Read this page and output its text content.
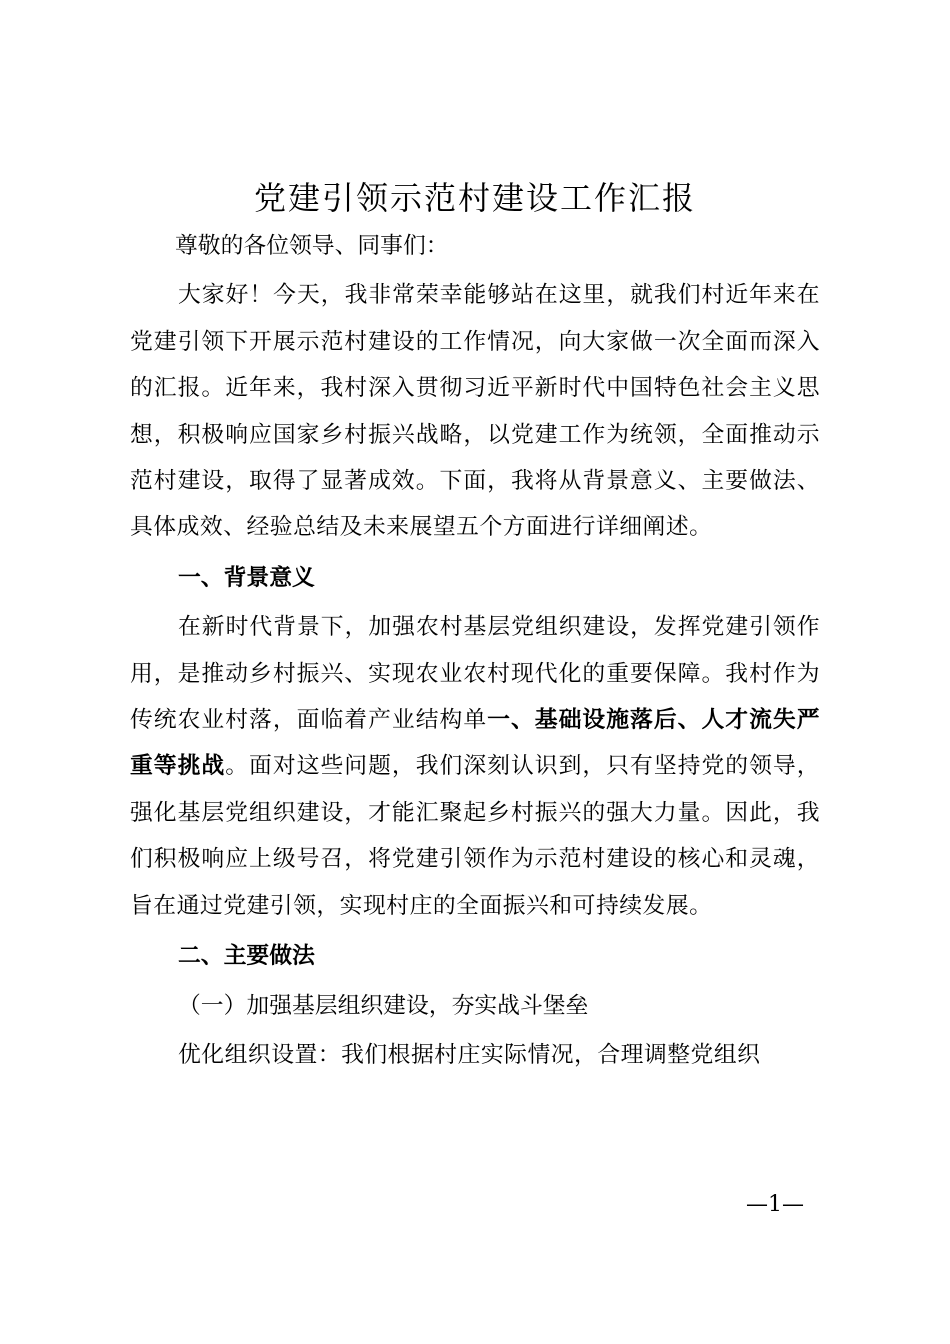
党建引领示范村建设工作汇报

尊敬的各位领导、同事们：

大家好！今天，我非常荣幸能够站在这里，就我们村近年来在党建引领下开展示范村建设的工作情况，向大家做一次全面而深入的汇报。近年来，我村深入贯彻习近平新时代中国特色社会主义思想，积极响应国家乡村振兴战略，以党建工作为统领，全面推动示范村建设，取得了显著成效。下面，我将从背景意义、主要做法、具体成效、经验总结及未来展望五个方面进行详细阐述。

一、背景意义

在新时代背景下，加强农村基层党组织建设，发挥党建引领作用，是推动乡村振兴、实现农业农村现代化的重要保障。我村作为传统农业村落，面临着产业结构单一、基础设施落后、人才流失严重等挑战。面对这些问题，我们深刻认识到，只有坚持党的领导，强化基层党组织建设，才能汇聚起乡村振兴的强大力量。因此，我们积极响应上级号召，将党建引领作为示范村建设的核心和灵魂，旨在通过党建引领，实现村庄的全面振兴和可持续发展。

二、主要做法

（一）加强基层组织建设，夯实战斗堡垒

优化组织设置：我们根据村庄实际情况，合理调整党组织

—1—
